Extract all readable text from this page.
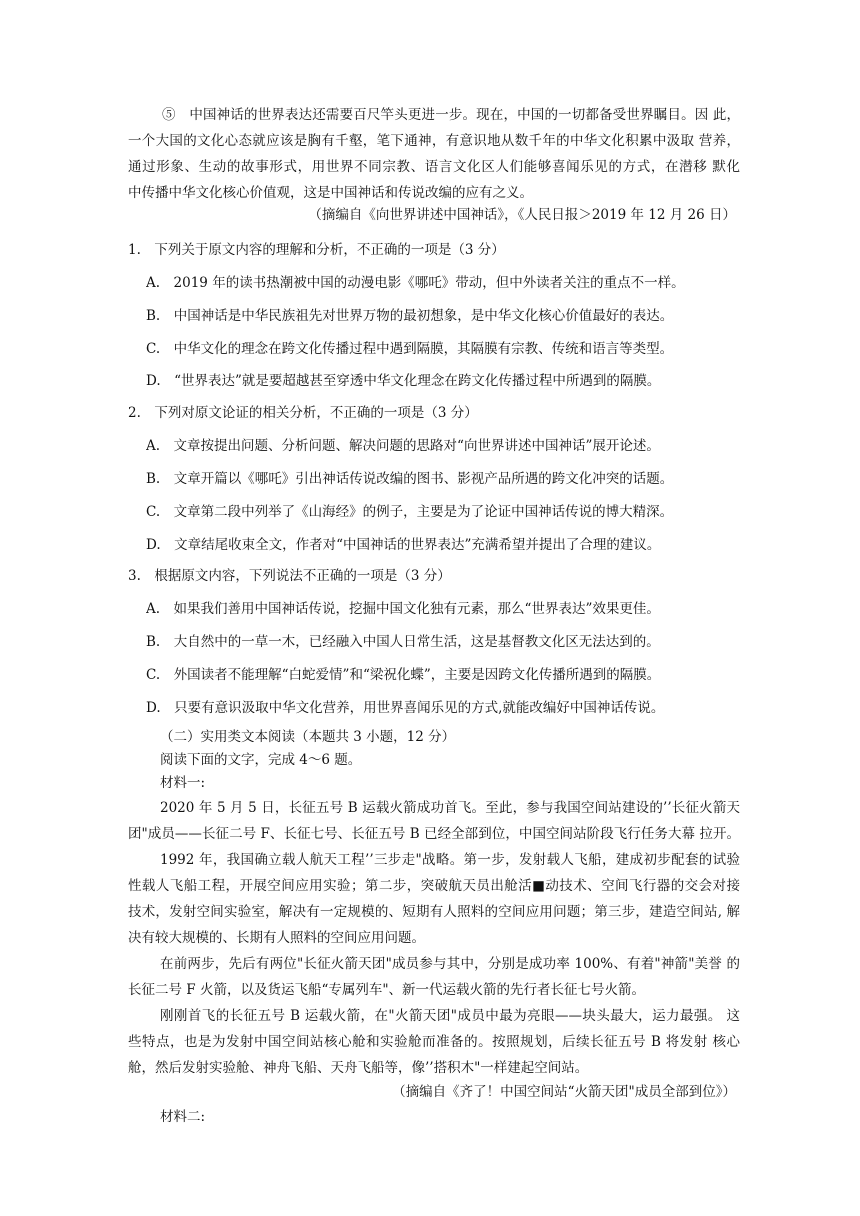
⑤　中国神话的世界表达还需要百尺竿头更进一步。现在，中国的一切都备受世界瞩目。因 此，
一个大国的文化心态就应该是胸有千壑，笔下通神，有意识地从数千年的中华文化积累中汲取 营养，
通过形象、生动的故事形式，用世界不同宗教、语言文化区人们能够喜闻乐见的方式，在潜移 默化
中传播中华文化核心价值观，这是中国神话和传说改编的应有之义。
（摘编自《向世界讲述中国神话》，《人民日报＞2019 年 12 月 26 日）
1.　下列关于原文内容的理解和分析，不正确的一项是（3 分）
A.　2019 年的读书热潮被中国的动漫电影《哪吒》带动，但中外读者关注的重点不一样。
B.　中国神话是中华民族祖先对世界万物的最初想象，是中华文化核心价值最好的表达。
C.　中华文化的理念在跨文化传播过程中遇到隔膜，其隔膜有宗教、传统和语言等类型。
D.　“世界表达”就是要超越甚至穿透中华文化理念在跨文化传播过程中所遇到的隔膜。
2.　下列对原文论证的相关分析，不正确的一项是（3 分）
A.　文章按提出问题、分析问题、解决问题的思路对“向世界讲述中国神话”展开论述。
B.　文章开篇以《哪吒》引出神话传说改编的图书、影视产品所遇的跨文化冲突的话题。
C.　文章第二段中列举了《山海经》的例子，主要是为了论证中国神话传说的博大精深。
D.　文章结尾收束全文，作者对“中国神话的世界表达”充满希望并提出了合理的建议。
3.　根据原文内容，下列说法不正确的一项是（3 分）
A.　如果我们善用中国神话传说，挖掘中国文化独有元素，那么“世界表达”效果更佳。
B.　大自然中的一草一木，已经融入中国人日常生活，这是基督教文化区无法达到的。
C.　外国读者不能理解“白蛇爱情”和“梁祝化蝶”，主要是因跨文化传播所遇到的隔膜。
D.　只要有意识汲取中华文化营养，用世界喜闻乐见的方式,就能改编好中国神话传说。
（二）实用类文本阅读（本题共 3 小题，12 分）
阅读下面的文字，完成 4～6 题。
材料一:
2020 年 5 月 5 日，长征五号 B 运载火箭成功首飞。至此，参与我国空间站建设的’’长征火箭天
团"成员——长征二号 F、长征七号、长征五号 B 已经全部到位，中国空间站阶段飞行任务大幕 拉开。
1992 年，我国确立载人航天工程’’三步走"战略。第一步，发射载人飞船，建成初步配套的试验
性载人飞船工程，开展空间应用实验；第二步，突破航天员出舱活■动技术、空间飞行器的交会对接
技术，发射空间实验室，解决有一定规模的、短期有人照料的空间应用问题；第三步，建造空间站, 解
决有较大规模的、长期有人照料的空间应用问题。
在前两步，先后有两位"长征火箭天团"成员参与其中，分别是成功率 100%、有着"神箭"美誉 的
长征二号 F 火箭，以及货运飞船“专属列车"、新一代运载火箭的先行者长征七号火箭。
刚刚首飞的长征五号 B 运载火箭，在"火箭天团"成员中最为亮眼——块头最大，运力最强。 这
些特点，也是为发射中国空间站核心舱和实验舱而准备的。按照规划，后续长征五号 B 将发射 核心
舱，然后发射实验舱、神舟飞船、天舟飞船等，像’’搭积木"一样建起空间站。
（摘编自《齐了！中国空间站“火箭天团"成员全部到位》）
材料二:
